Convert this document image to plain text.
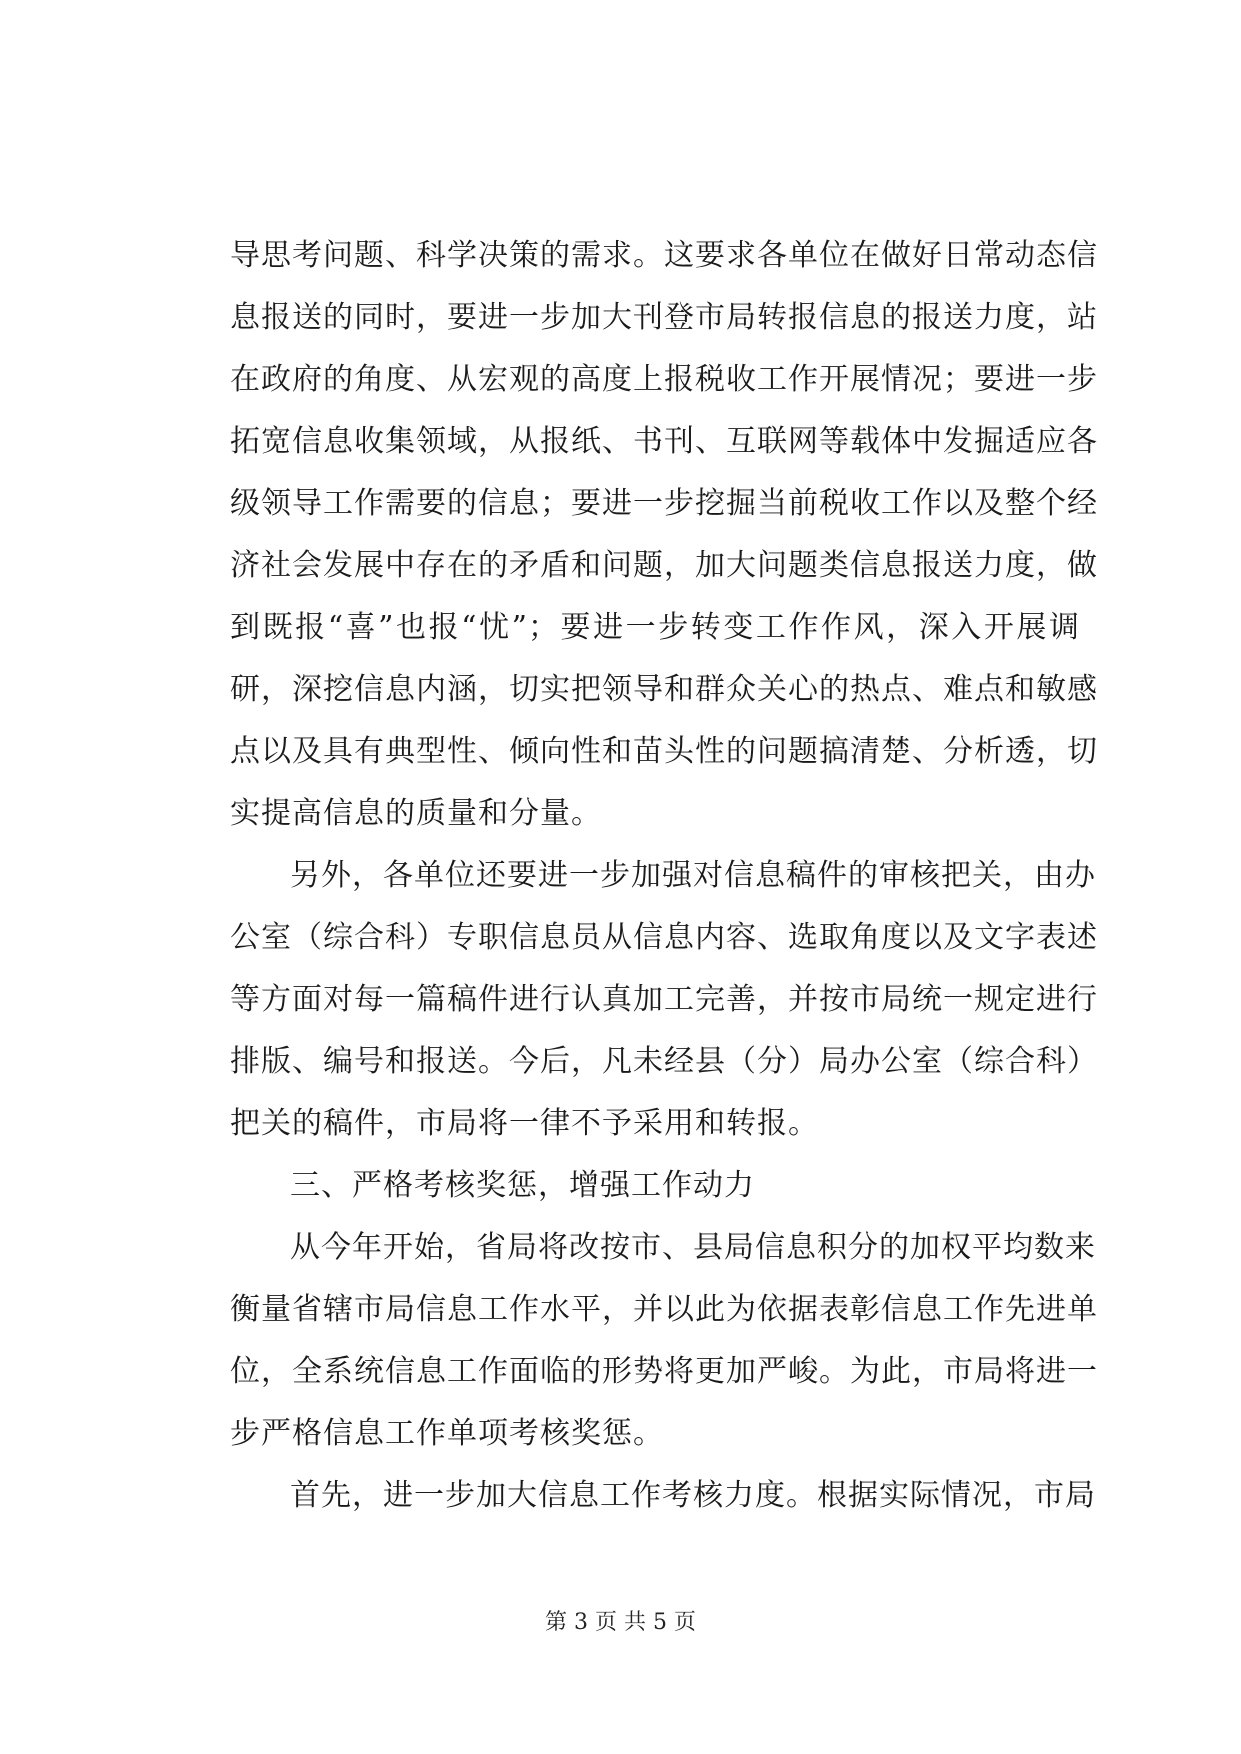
导思考问题、科学决策的需求。这要求各单位在做好日常动态信
息报送的同时，要进一步加大刊登市局转报信息的报送力度，站
在政府的角度、从宏观的高度上报税收工作开展情况；要进一步
拓宽信息收集领域，从报纸、书刊、互联网等载体中发掘适应各
级领导工作需要的信息；要进一步挖掘当前税收工作以及整个经
济社会发展中存在的矛盾和问题，加大问题类信息报送力度，做
到既报“喜”也报“忧”；要进一步转变工作作风，深入开展调
研，深挖信息内涵，切实把领导和群众关心的热点、难点和敏感
点以及具有典型性、倾向性和苗头性的问题搞清楚、分析透，切
实提高信息的质量和分量。
另外，各单位还要进一步加强对信息稿件的审核把关，由办
公室（综合科）专职信息员从信息内容、选取角度以及文字表述
等方面对每一篇稿件进行认真加工完善，并按市局统一规定进行
排版、编号和报送。今后，凡未经县（分）局办公室（综合科）
把关的稿件，市局将一律不予采用和转报。
三、严格考核奖惩，增强工作动力
从今年开始，省局将改按市、县局信息积分的加权平均数来
衡量省辖市局信息工作水平，并以此为依据表彰信息工作先进单
位，全系统信息工作面临的形势将更加严峻。为此，市局将进一
步严格信息工作单项考核奖惩。
首先，进一步加大信息工作考核力度。根据实际情况，市局
第 3 页 共 5 页
